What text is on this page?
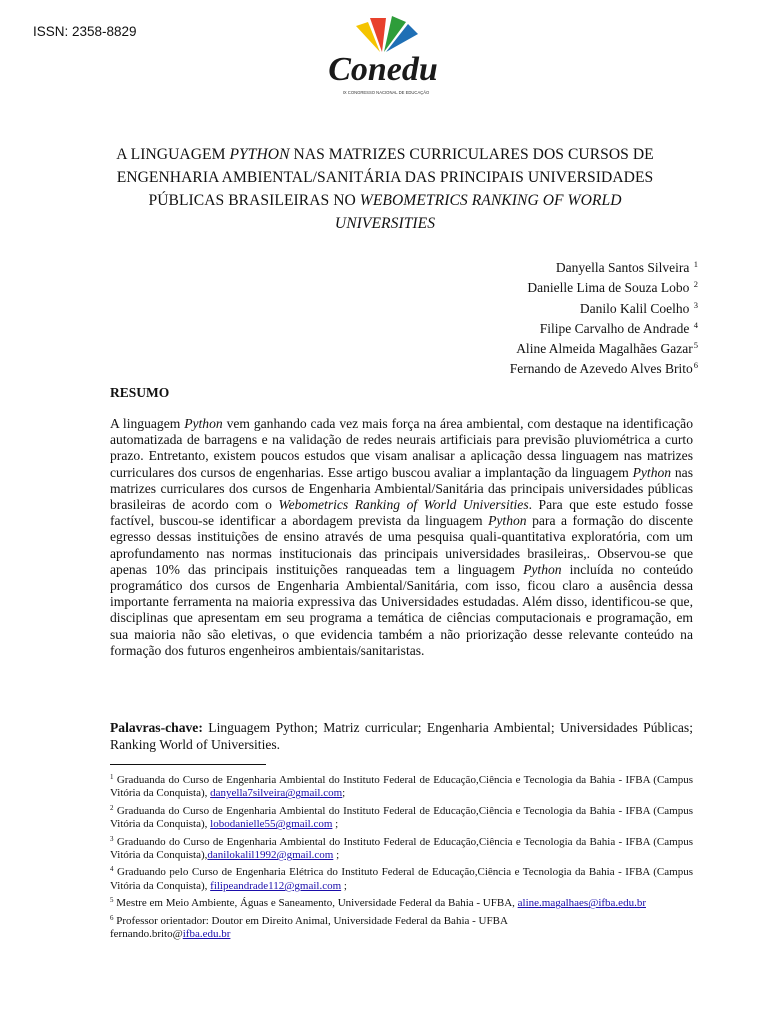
ISSN: 2358-8829
Conedu
IX CONGRESSO NACIONAL DE EDUCAÇÃO
A LINGUAGEM PYTHON NAS MATRIZES CURRICULARES DOS CURSOS DE ENGENHARIA AMBIENTAL/SANITÁRIA DAS PRINCIPAIS UNIVERSIDADES PÚBLICAS BRASILEIRAS NO WEBOMETRICS RANKING OF WORLD UNIVERSITIES
Danyella Santos Silveira $^1$
Danielle Lima de Souza Lobo $^2$
Danilo Kalil Coelho $^3$
Filipe Carvalho de Andrade $^4$
Aline Almeida Magalhães Gazar$^5$
Fernando de Azevedo Alves Brito$^6$
RESUMO

A linguagem Python vem ganhando cada vez mais força na área ambiental, com destaque na identificação automatizada de barragens e na validação de redes neurais artificiais para previsão pluviométrica a curto prazo. Entretanto, existem poucos estudos que visam analisar a aplicação dessa linguagem nas matrizes curriculares dos cursos de engenharias. Esse artigo buscou avaliar a implantação da linguagem Python nas matrizes curriculares dos cursos de Engenharia Ambiental/Sanitária das principais universidades públicas brasileiras de acordo com o Webometrics Ranking of World Universities. Para que este estudo fosse factível, buscou-se identificar a abordagem prevista da linguagem Python para a formação do discente egresso dessas instituições de ensino através de uma pesquisa quali-quantitativa exploratória, com um aprofundamento nas normas institucionais das principais universidades brasileiras,. Observou-se que apenas 10% das principais instituições ranqueadas tem a linguagem Python incluída no conteúdo programático dos cursos de Engenharia Ambiental/Sanitária, com isso, ficou claro a ausência dessa importante ferramenta na maioria expressiva das Universidades estudadas. Além disso, identificou-se que, disciplinas que apresentam em seu programa a temática de ciências computacionais e programação, em sua maioria não são eletivas, o que evidencia também a não priorização desse relevante conteúdo na formação dos futuros engenheiros ambientais/sanitaristas.

Palavras-chave: Linguagem Python; Matriz curricular; Engenharia Ambiental; Universidades Públicas; Ranking World of Universities.

$^1$ Graduanda do Curso de Engenharia Ambiental do Instituto Federal de Educação,Ciência e Tecnologia da Bahia - IFBA (Campus Vitória da Conquista), danyella7silveira@gmail.com;

$^2$ Graduanda do Curso de Engenharia Ambiental do Instituto Federal de Educação,Ciência e Tecnologia da Bahia - IFBA (Campus Vitória da Conquista), lobodanielle55@gmail.com ;

$^3$ Graduando do Curso de Engenharia Ambiental do Instituto Federal de Educação,Ciência e Tecnologia da Bahia - IFBA (Campus Vitória da Conquista),danilokalil1992@gmail.com ;

$^4$ Graduando pelo Curso de Engenharia Elétrica do Instituto Federal de Educação,Ciência e Tecnologia da Bahia - IFBA (Campus Vitória da Conquista), filipeandrade112@gmail.com ;

$^5$ Mestre em Meio Ambiente, Águas e Saneamento, Universidade Federal da Bahia - UFBA, aline.magalhaes@ifba.edu.br

$^6$ Professor orientador: Doutor em Direito Animal, Universidade Federal da Bahia - UFBA
fernando.brito@ifba.edu.br
